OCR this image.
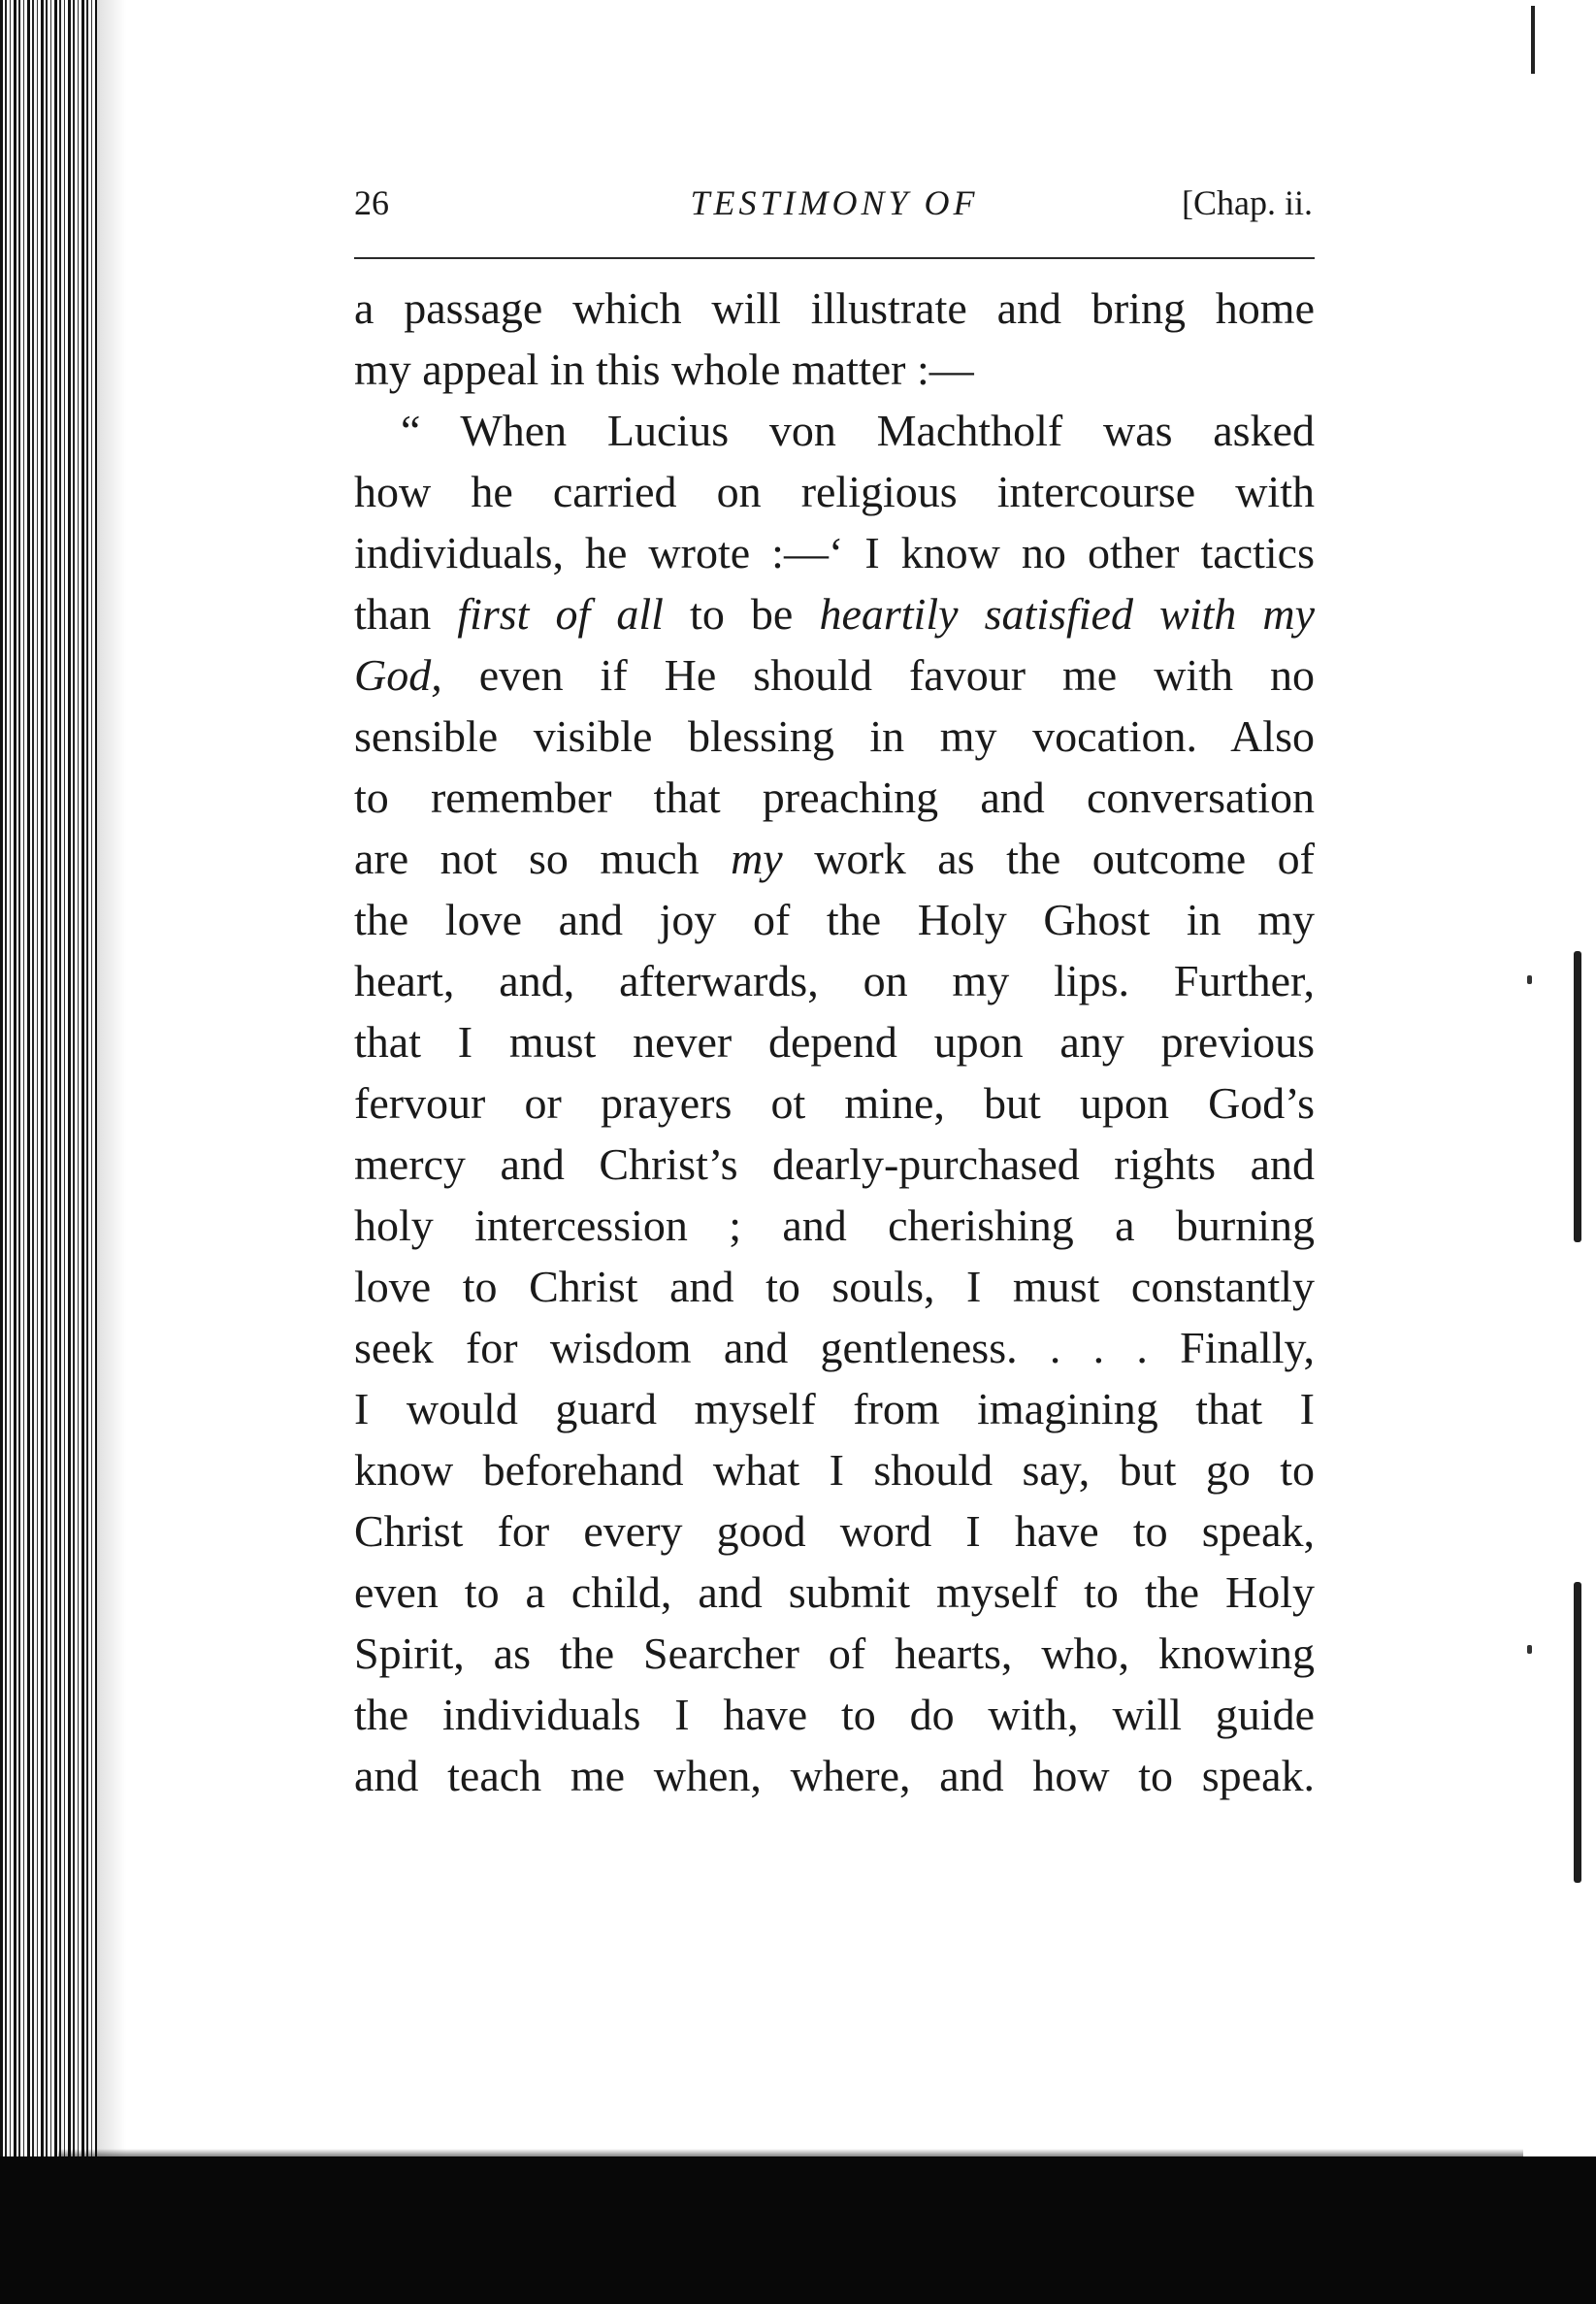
26	TESTIMONY OF	[Chap. ii.
a passage which will illustrate and bring home
my appeal in this whole matter :—
“ When Lucius von Machtholf was asked
how he carried on religious intercourse with
individuals, he wrote :—‘ I know no other tactics
than first of all to be heartily satisfied with my
God, even if He should favour me with no
sensible visible blessing in my vocation. Also
to remember that preaching and conversation
are not so much my work as the outcome of
the love and joy of the Holy Ghost in my
heart, and, afterwards, on my lips. Further,
that I must never depend upon any previous
fervour or prayers ot mine, but upon God’s
mercy and Christ’s dearly-purchased rights and
holy intercession ; and cherishing a burning
love to Christ and to souls, I must constantly
seek for wisdom and gentleness. . . . Finally,
I would guard myself from imagining that I
know beforehand what I should say, but go to
Christ for every good word I have to speak,
even to a child, and submit myself to the Holy
Spirit, as the Searcher of hearts, who, knowing
the individuals I have to do with, will guide
and teach me when, where, and how to speak.
